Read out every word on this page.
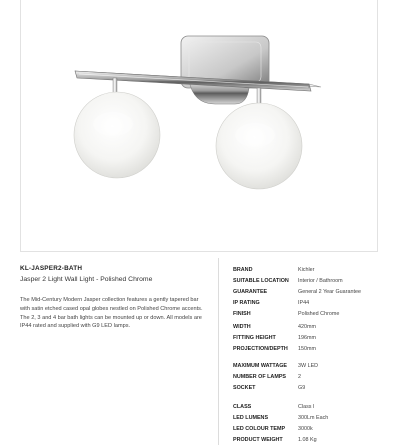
KL-JASPER2-BATH

Jasper 2 Light Wall Light - Polished Chrome

The Mid-Century Modern Jasper collection features a gently tapered bar with satin etched cased opal globes nestled on Polished Chrome accents. The 2, 3 and 4 bar bath lights can be mounted up or down. All models are IP44 rated and supplied with G9 LED lamps.

BRAND	Kichler
SUITABLE LOCATION	Interior / Bathroom
GUARANTEE	General 2 Year Guarantee
IP RATING	IP44
FINISH	Polished Chrome
WIDTH	420mm
FITTING HEIGHT	196mm
PROJECTION/DEPTH	150mm
MAXIMUM WATTAGE	3W LED
NUMBER OF LAMPS	2
SOCKET	G9
CLASS	Class I
LED LUMENS	300Lm Each
LED COLOUR TEMP	3000k
PRODUCT WEIGHT	1.08 Kg
